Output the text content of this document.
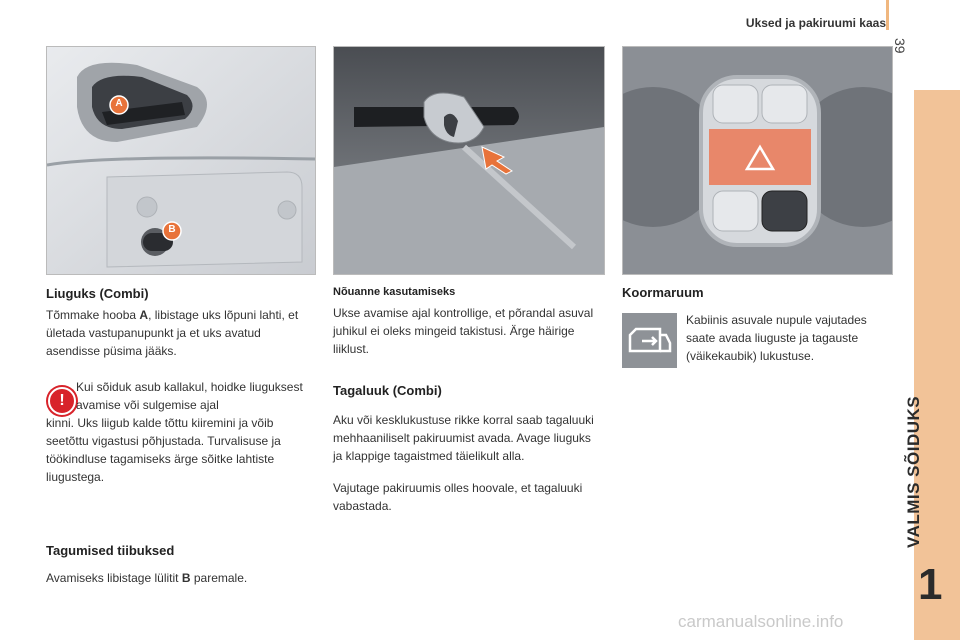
Uksed ja pakiruumi kaas
39
VALMIS SÕIDUKS
1
A
B
Liuguks (Combi)
Tõmmake hooba A, libistage uks lõpuni lahti, et ületada vastupanupunkt ja et uks avatud asendisse püsima jääks.
!
Kui sõiduk asub kallakul, hoidke liuguksest avamise või sulgemise ajal
kinni. Uks liigub kalde tõttu kiiremini ja võib seetõttu vigastusi põhjustada. Turvalisuse ja töökindluse tagamiseks ärge sõitke lahtiste liugustega.
Tagumised tiibuksed
Avamiseks libistage lülitit B paremale.
Nõuanne kasutamiseks
Ukse avamise ajal kontrollige, et põrandal asuval juhikul ei oleks mingeid takistusi. Ärge häirige liiklust.
Tagaluuk (Combi)
Aku või kesklukustuse rikke korral saab tagaluuki mehhaaniliselt pakiruumist avada. Avage liuguks ja klappige tagaistmed täielikult alla.
Vajutage pakiruumis olles hoovale, et tagaluuki vabastada.
Koormaruum
Kabiinis asuvale nupule vajutades saate avada liuguste ja tagauste (väikekaubik) lukustuse.
carmanualsonline.info
